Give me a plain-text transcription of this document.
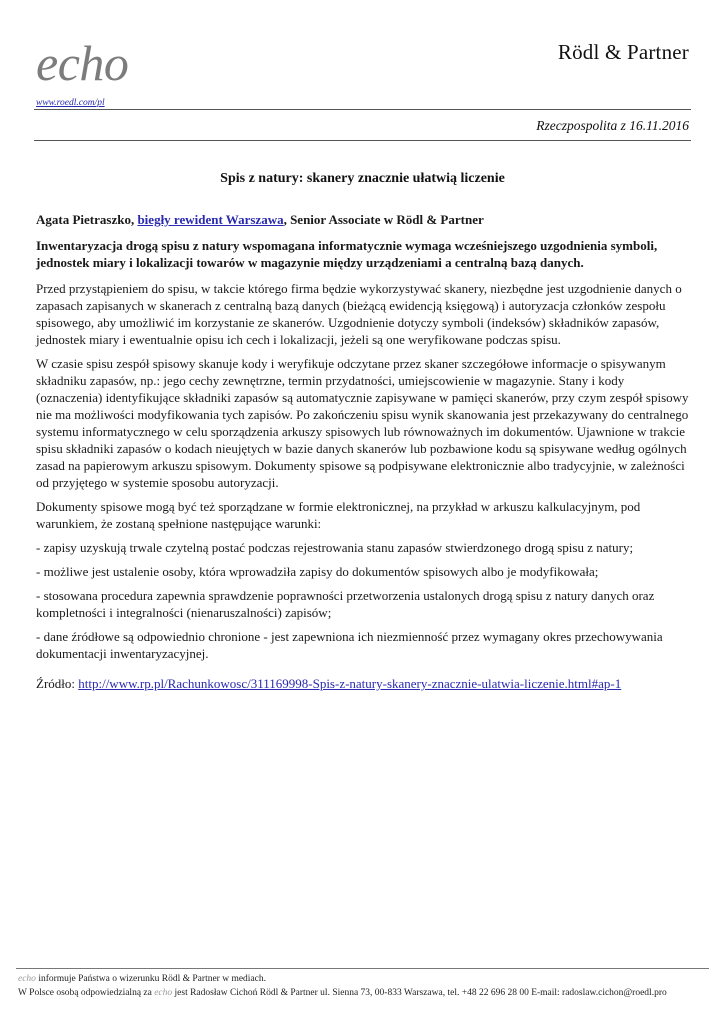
echo
www.roedl.com/pl
Rödl & Partner
Rzeczpospolita z 16.11.2016
Spis z natury: skanery znacznie ułatwią liczenie

Agata Pietraszko, biegły rewident Warszawa, Senior Associate w Rödl & Partner

Inwentaryzacja drogą spisu z natury wspomagana informatycznie wymaga wcześniejszego uzgodnienia symboli, jednostek miary i lokalizacji towarów w magazynie między urządzeniami a centralną bazą danych.

Przed przystąpieniem do spisu, w takcie którego firma będzie wykorzystywać skanery, niezbędne jest uzgodnienie danych o zapasach zapisanych w skanerach z centralną bazą danych (bieżącą ewidencją księgową) i autoryzacja członków zespołu spisowego, aby umożliwić im korzystanie ze skanerów. Uzgodnienie dotyczy symboli (indeksów) składników zapasów, jednostek miary i ewentualnie opisu ich cech i lokalizacji, jeżeli są one weryfikowane podczas spisu.

W czasie spisu zespół spisowy skanuje kody i weryfikuje odczytane przez skaner szczegółowe informacje o spisywanym składniku zapasów, np.: jego cechy zewnętrzne, termin przydatności, umiejscowienie w magazynie. Stany i kody (oznaczenia) identyfikujące składniki zapasów są automatycznie zapisywane w pamięci skanerów, przy czym zespół spisowy nie ma możliwości modyfikowania tych zapisów. Po zakończeniu spisu wynik skanowania jest przekazywany do centralnego systemu informatycznego w celu sporządzenia arkuszy spisowych lub równoważnych im dokumentów. Ujawnione w trakcie spisu składniki zapasów o kodach nieujętych w bazie danych skanerów lub pozbawione kodu są spisywane według ogólnych zasad na papierowym arkuszu spisowym. Dokumenty spisowe są podpisywane elektronicznie albo tradycyjnie, w zależności od przyjętego w systemie sposobu autoryzacji.

Dokumenty spisowe mogą być też sporządzane w formie elektronicznej, na przykład w arkuszu kalkulacyjnym, pod warunkiem, że zostaną spełnione następujące warunki:

- zapisy uzyskują trwale czytelną postać podczas rejestrowania stanu zapasów stwierdzonego drogą spisu z natury;

- możliwe jest ustalenie osoby, która wprowadziła zapisy do dokumentów spisowych albo je modyfikowała;

- stosowana procedura zapewnia sprawdzenie poprawności przetworzenia ustalonych drogą spisu z natury danych oraz kompletności i integralności (nienaruszalności) zapisów;

- dane źródłowe są odpowiednio chronione - jest zapewniona ich niezmienność przez wymagany okres przechowywania dokumentacji inwentaryzacyjnej.

Źródło: http://www.rp.pl/Rachunkowosc/311169998-Spis-z-natury-skanery-znacznie-ulatwia-liczenie.html#ap-1

echo informuje Państwa o wizerunku Rödl & Partner w mediach.
W Polsce osobą odpowiedzialną za echo jest Radosław Cichoń Rödl & Partner ul. Sienna 73, 00-833 Warszawa, tel. +48 22 696 28 00 E-mail: radoslaw.cichon@roedl.pro
